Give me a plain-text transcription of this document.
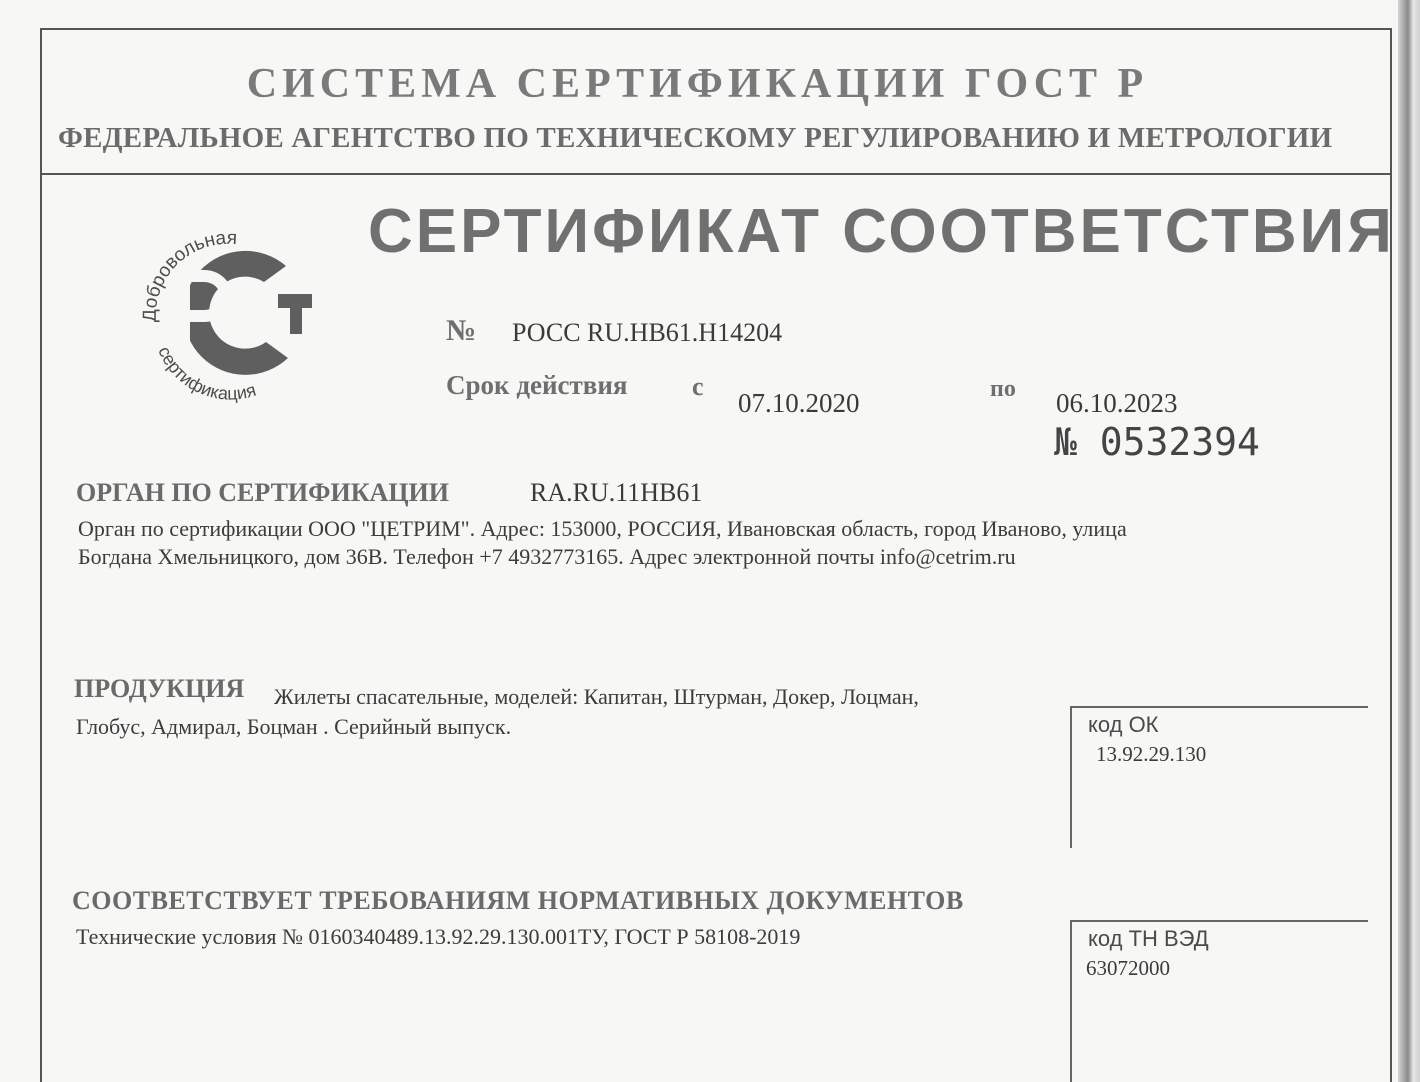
СИСТЕМА СЕРТИФИКАЦИИ ГОСТ Р
ФЕДЕРАЛЬНОЕ АГЕНТСТВО ПО ТЕХНИЧЕСКОМУ РЕГУЛИРОВАНИЮ И МЕТРОЛОГИИ
Добровольная
сертификация
СЕРТИФИКАТ СООТВЕТСТВИЯ
№ РОСС RU.HB61.H14204
Срок действия с
07.10.2020	по 06.10.2023
№ 0532394
ОРГАН ПО СЕРТИФИКАЦИИ	RA.RU.11HB61
Орган по сертификации ООО "ЦЕТРИМ". Адрес: 153000, РОССИЯ, Ивановская область, город Иваново, улица
Богдана Хмельницкого, дом 36В. Телефон +7 4932773165. Адрес электронной почты info@cetrim.ru
ПРОДУКЦИЯ Жилеты спасательные, моделей: Капитан, Штурман, Докер, Лоцман,
Глобус, Адмирал, Боцман . Серийный выпуск.	код ОК
13.92.29.130
СООТВЕТСТВУЕТ ТРЕБОВАНИЯМ НОРМАТИВНЫХ ДОКУМЕНТОВ
Технические условия № 0160340489.13.92.29.130.001ТУ, ГОСТ Р 58108-2019	код ТН ВЭД
63072000
